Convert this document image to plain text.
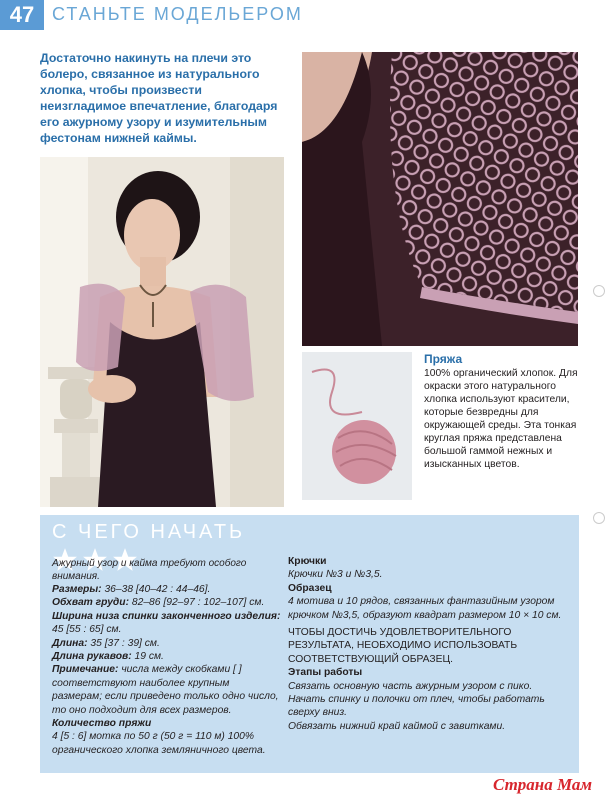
47 СТАНЬТЕ МОДЕЛЬЕРОМ

Достаточно накинуть на плечи это болеро, связанное из натурального хлопка, чтобы произвести неизгладимое впечатление, благодаря его ажурному узору и изумительным фестонам нижней каймы.

Пряжа

100% органический хлопок. Для окраски этого натурального хлопка используют красители, которые безвредны для окружающей среды. Эта тонкая круглая пряжа представлена большой гаммой нежных и изысканных цветов.

С ЧЕГО НАЧАТЬ

Ажурный узор и кайма требуют особого внимания.

Размеры: 36–38 [40–42 : 44–46].

Обхват груди: 82–86 [92–97 : 102–107] см.

Ширина низа спинки законченного изделия: 45 [55 : 65] см.

Длина: 35 [37 : 39] см.

Длина рукавов: 19 см.

Примечание: числа между скобками [ ] соответствуют наиболее крупным размерам; если приведено только одно число, то оно подходит для всех размеров.

Количество пряжи

4 [5 : 6] мотка по 50 г (50 г = 110 м) 100% органического хлопка земляничного цвета.

Крючки

Крючки №3 и №3,5.

Образец

4 мотива и 10 рядов, связанных фантазийным узором крючком №3,5, образуют квадрат размером 10 × 10 см.

ЧТОБЫ ДОСТИЧЬ УДОВЛЕТВОРИТЕЛЬНОГО РЕЗУЛЬТАТА, НЕОБХОДИМО ИСПОЛЬЗОВАТЬ СООТВЕТСТВУЮЩИЙ ОБРАЗЕЦ.

Этапы работы

Связать основную часть ажурным узором с пико.

Начать спинку и полочки от плеч, чтобы работать сверху вниз.

Обвязать нижний край каймой с завитками.

Страна Мам
